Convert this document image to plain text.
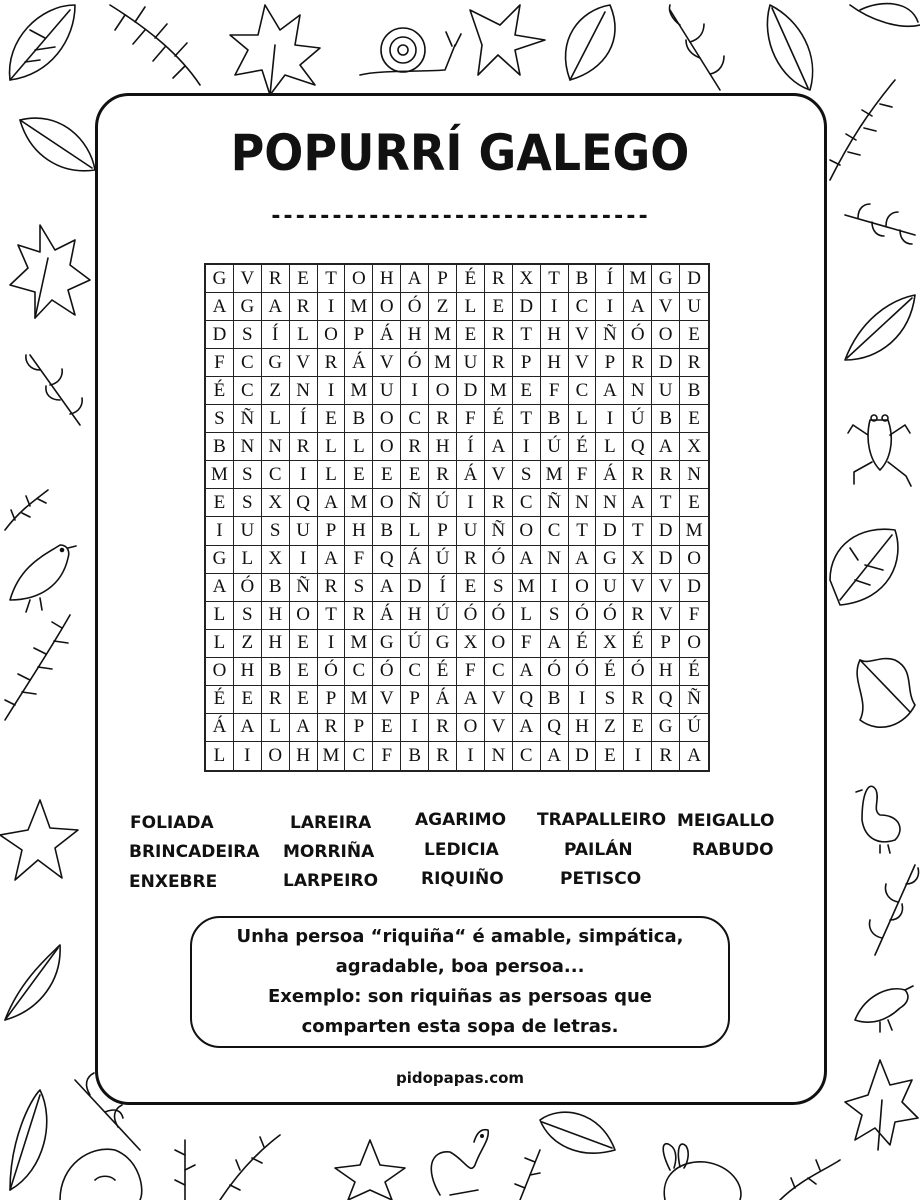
POPURRÍ GALEGO
-------------------------------
G V R E T O H A P É R X T B Í M G D
A G A R I M O Ó Z L E D I C I A V U
D S	Í L O P Á H M E R T H V Ñ Ó O E
F C G V R Á V Ó M U R P H V P R D R
É C Z N I M U I O D M E F C A N U B
S Ñ L Í E B O C R F É T B L I Ú B E
B N N R L L O R H Í A I Ú É L Q A X
M S C I L E E E R Á V S M F Á R R N
E S X Q A M O Ñ Ú I R C Ñ N N A T E
I U S U P H B L P U Ñ O C T D T D M
G L X I A F Q Á Ú R Ó A N A G X D O
A Ó B Ñ R S A D Í E S M I O U V V D
L S H O T R Á H Ú Ó Ó L S Ó Ó R V F
L Z H E I M G Ú G X O F A É X É P O
O H B E Ó C Ó C É F C A Ó Ó É Ó H É
É E R E P M V P Á A V Q B I	S R Q Ñ
Á A L A R P E I R O V A Q H Z E G Ú
L I O H M C F B R I N C A D E I R A
FOLIADA	LAREIRA	AGARIMO TRAPALLEIRO MEIGALLO
BRINCADEIRA MORRIÑA	LEDICIA	PAILÁN	RABUDO
ENXEBRE	LARPEIRO	RIQUIÑO	PETISCO
Unha persoa “riquiña“ é amable, simpática,
agradable, boa persoa...
Exemplo: son riquiñas as persoas que
comparten esta sopa de letras.
pidopapas.com
